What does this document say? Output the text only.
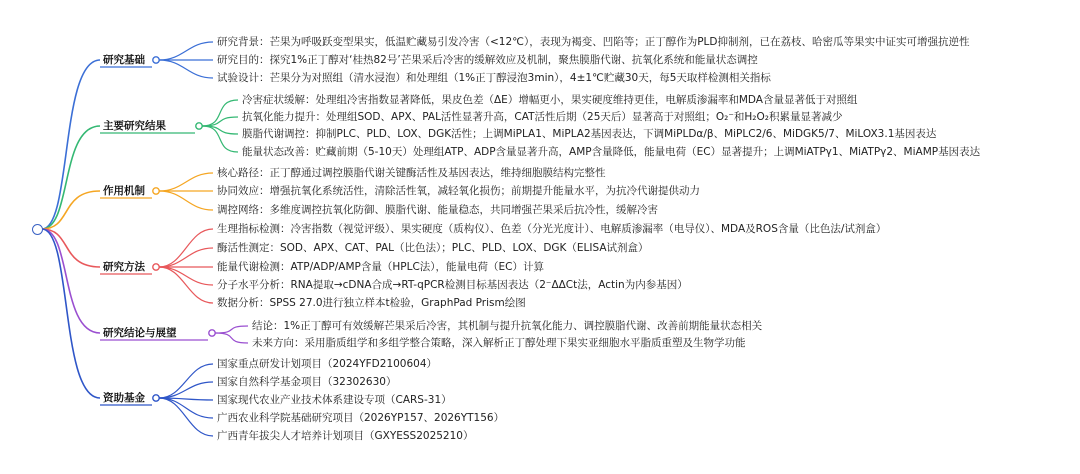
研究基础
研究背景：芒果为呼吸跃变型果实，低温贮藏易引发冷害（<12℃），表现为褐变、凹陷等；正丁醇作为PLD抑制剂，已在荔枝、哈密瓜等果实中证实可增强抗逆性
研究目的：探究1%正丁醇对‘桂热82号’芒果采后冷害的缓解效应及机制，聚焦膜脂代谢、抗氧化系统和能量状态调控
试验设计：芒果分为对照组（清水浸泡）和处理组（1%正丁醇浸泡3min），4±1℃贮藏30天，每5天取样检测相关指标
主要研究结果
冷害症状缓解：处理组冷害指数显著降低，果皮色差（ΔE）增幅更小，果实硬度维持更佳，电解质渗漏率和MDA含量显著低于对照组
抗氧化能力提升：处理组SOD、APX、PAL活性显著升高，CAT活性后期（25天后）显著高于对照组；O₂⁻和H₂O₂积累量显著减少
膜脂代谢调控：抑制PLC、PLD、LOX、DGK活性；上调MiPLA1、MiPLA2基因表达，下调MiPLDα/β、MiPLC2/6、MiDGK5/7、MiLOX3.1基因表达
能量状态改善：贮藏前期（5-10天）处理组ATP、ADP含量显著升高，AMP含量降低，能量电荷（EC）显著提升；上调MiATPγ1、MiATPγ2、MiAMP基因表达
作用机制
核心路径：正丁醇通过调控膜脂代谢关键酶活性及基因表达，维持细胞膜结构完整性
协同效应：增强抗氧化系统活性，清除活性氧，减轻氧化损伤；前期提升能量水平，为抗冷代谢提供动力
调控网络：多维度调控抗氧化防御、膜脂代谢、能量稳态，共同增强芒果采后抗冷性，缓解冷害
研究方法
生理指标检测：冷害指数（视觉评级）、果实硬度（质构仪）、色差（分光光度计）、电解质渗漏率（电导仪）、MDA及ROS含量（比色法/试剂盒）
酶活性测定：SOD、APX、CAT、PAL（比色法）；PLC、PLD、LOX、DGK（ELISA试剂盒）
能量代谢检测：ATP/ADP/AMP含量（HPLC法），能量电荷（EC）计算
分子水平分析：RNA提取→cDNA合成→RT-qPCR检测目标基因表达（2⁻ΔΔCt法，Actin为内参基因）
数据分析：SPSS 27.0进行独立样本t检验，GraphPad Prism绘图
研究结论与展望
结论：1%正丁醇可有效缓解芒果采后冷害，其机制与提升抗氧化能力、调控膜脂代谢、改善前期能量状态相关
未来方向：采用脂质组学和多组学整合策略，深入解析正丁醇处理下果实亚细胞水平脂质重塑及生物学功能
资助基金
国家重点研发计划项目（2024YFD2100604）
国家自然科学基金项目（32302630）
国家现代农业产业技术体系建设专项（CARS-31）
广西农业科学院基础研究项目（2026YP157、2026YT156）
广西青年拔尖人才培养计划项目（GXYESS2025210）
